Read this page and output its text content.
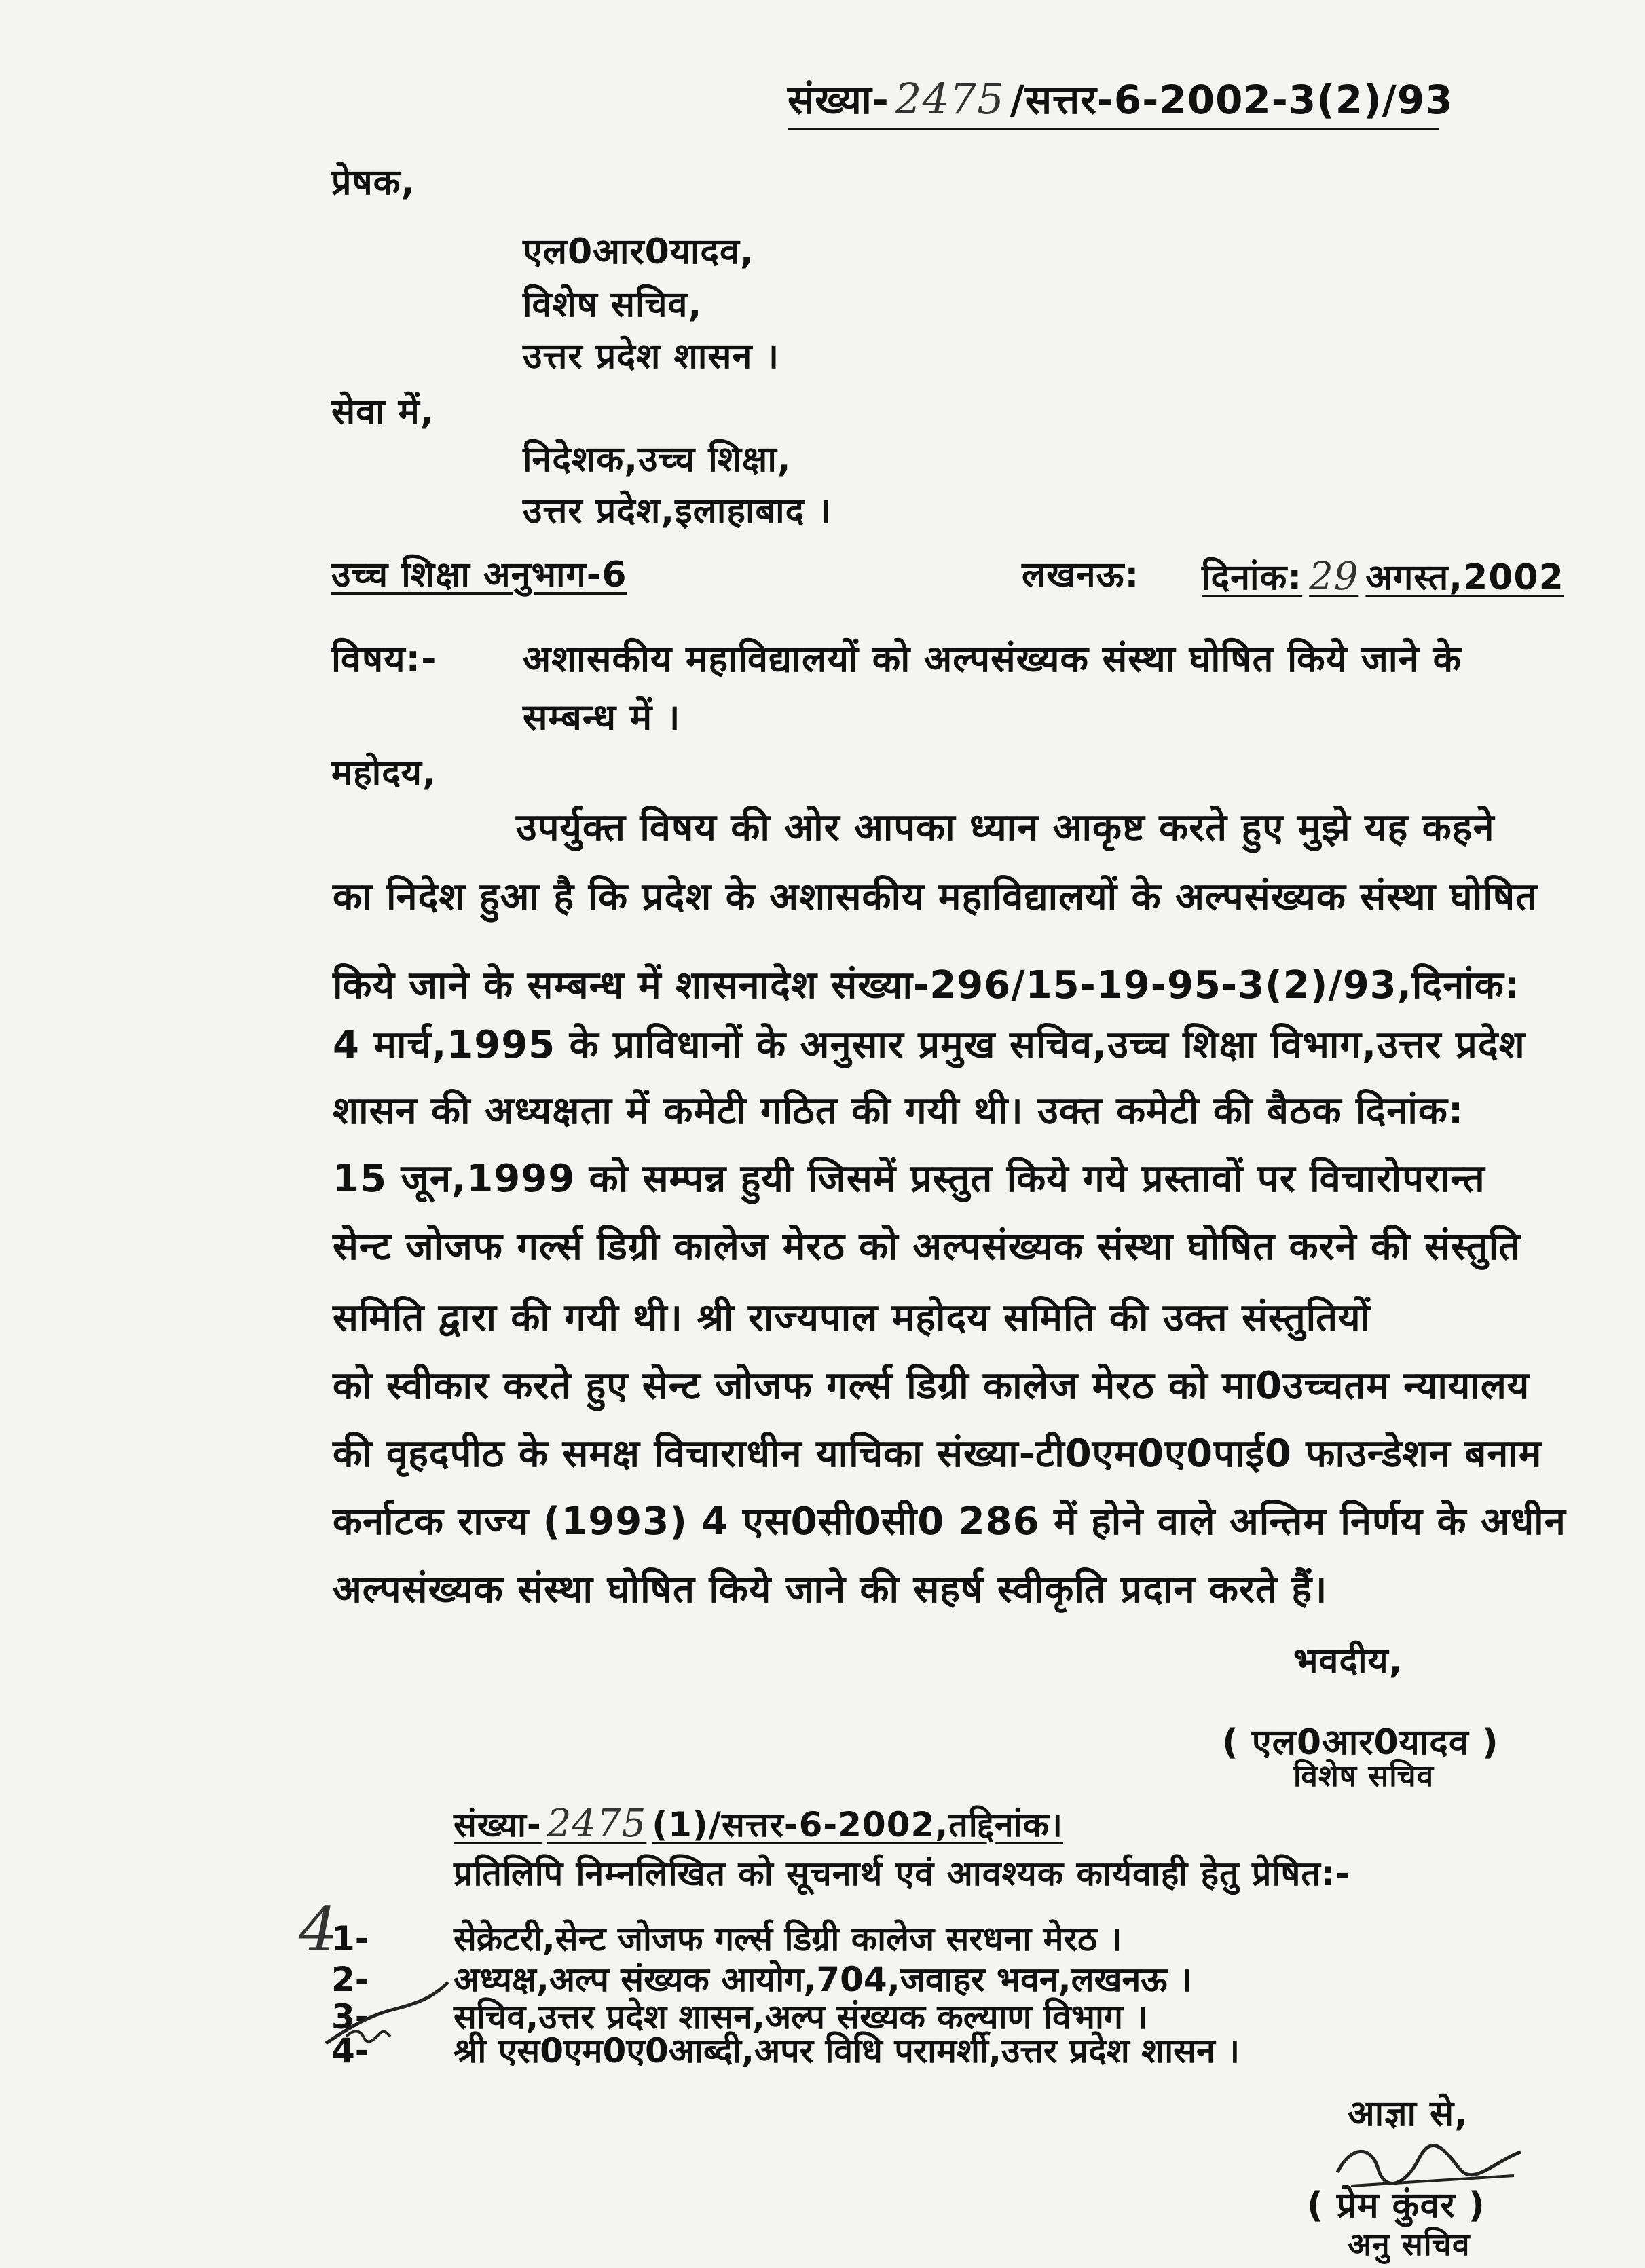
संख्या- 2475 /सत्तर-6-2002-3(2)/93
प्रेषक,
एल0आर0यादव,
विशेष सचिव,
उत्तर प्रदेश शासन ।
सेवा में,
निदेशक,उच्च शिक्षा,
उत्तर प्रदेश,इलाहाबाद ।
उच्च शिक्षा अनुभाग-6	लखनऊ: दिनांक: 29 अगस्त,2002
विषय:- अशासकीय महाविद्यालयों को अल्पसंख्यक संस्था घोषित किये जाने के
सम्बन्ध में ।
महोदय,
उपर्युक्त विषय की ओर आपका ध्यान आकृष्ट करते हुए मुझे यह कहने
का निदेश हुआ है कि प्रदेश के अशासकीय महाविद्यालयों के अल्पसंख्यक संस्था घोषित
किये जाने के सम्बन्ध में शासनादेश संख्या-296/15-19-95-3(2)/93,दिनांक:
4 मार्च,1995 के प्राविधानों के अनुसार प्रमुख सचिव,उच्च शिक्षा विभाग,उत्तर प्रदेश
शासन की अध्यक्षता में कमेटी गठित की गयी थी। उक्त कमेटी की बैठक दिनांक:
15 जून,1999 को सम्पन्न हुयी जिसमें प्रस्तुत किये गये प्रस्तावों पर विचारोपरान्त
सेन्ट जोजफ गर्ल्स डिग्री कालेज मेरठ को अल्पसंख्यक संस्था घोषित करने की संस्तुति
समिति द्वारा की गयी थी। श्री राज्यपाल महोदय समिति की उक्त संस्तुतियों
को स्वीकार करते हुए सेन्ट जोजफ गर्ल्स डिग्री कालेज मेरठ को मा0उच्चतम न्यायालय
की वृहदपीठ के समक्ष विचाराधीन याचिका संख्या-टी0एम0ए0पाई0 फाउन्डेशन बनाम
कर्नाटक राज्य (1993) 4 एस0सी0सी0 286 में होने वाले अन्तिम निर्णय के अधीन
अल्पसंख्यक संस्था घोषित किये जाने की सहर्ष स्वीकृति प्रदान करते हैं।
भवदीय,
( एल0आर0यादव )
विशेष सचिव
संख्या- 2475 (1)/सत्तर-6-2002,तद्दिनांक।
प्रतिलिपि निम्नलिखित को सूचनार्थ एवं आवश्यक कार्यवाही हेतु प्रेषित:-
4
1- सेक्रेटरी,सेन्ट जोजफ गर्ल्स डिग्री कालेज सरधना मेरठ ।
2- अध्यक्ष,अल्प संख्यक आयोग,704,जवाहर भवन,लखनऊ ।
3- सचिव,उत्तर प्रदेश शासन,अल्प संख्यक कल्याण विभाग ।
4- श्री एस0एम0ए0आब्दी,अपर विधि परामर्शी,उत्तर प्रदेश शासन ।
आज्ञा से,
( प्रेम कुंवर )
अनु सचिव
